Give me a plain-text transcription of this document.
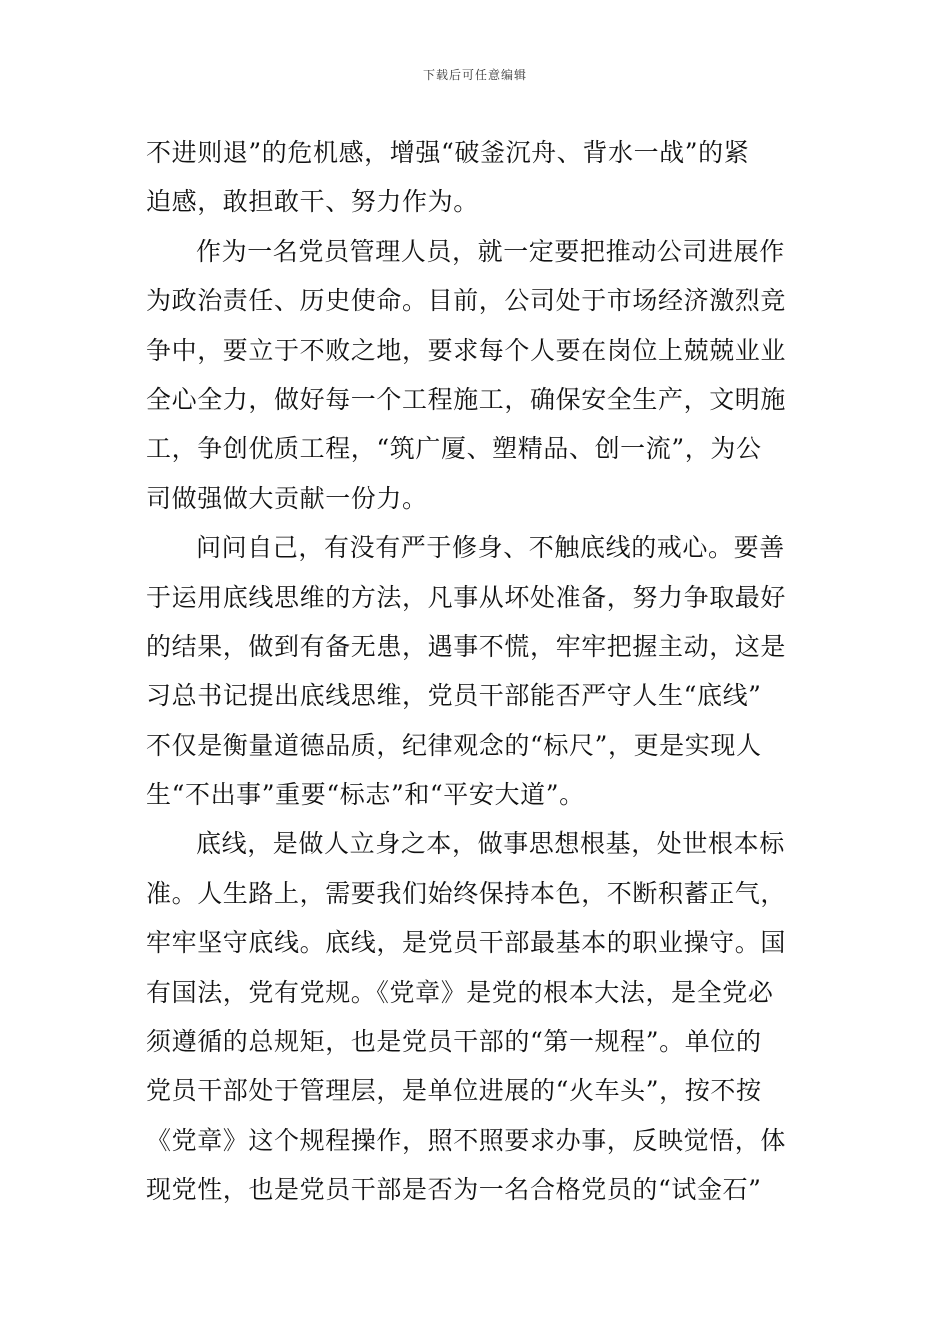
下载后可任意编辑
不进则退”的危机感，增强“破釜沉舟、背水一战”的紧
迫感，敢担敢干、努力作为。
作为一名党员管理人员，就一定要把推动公司进展作
为政治责任、历史使命。目前，公司处于市场经济激烈竞
争中，要立于不败之地，要求每个人要在岗位上兢兢业业
全心全力，做好每一个工程施工，确保安全生产，文明施
工，争创优质工程，“筑广厦、塑精品、创一流”，为公
司做强做大贡献一份力。
问问自己，有没有严于修身、不触底线的戒心。要善
于运用底线思维的方法，凡事从坏处准备，努力争取最好
的结果，做到有备无患，遇事不慌，牢牢把握主动，这是
习总书记提出底线思维，党员干部能否严守人生“底线”
不仅是衡量道德品质，纪律观念的“标尺”，更是实现人
生“不出事”重要“标志”和“平安大道”。
底线，是做人立身之本，做事思想根基，处世根本标
准。人生路上，需要我们始终保持本色，不断积蓄正气，
牢牢坚守底线。底线，是党员干部最基本的职业操守。国
有国法，党有党规。《党章》是党的根本大法，是全党必
须遵循的总规矩，也是党员干部的“第一规程”。单位的
党员干部处于管理层，是单位进展的“火车头”，按不按
《党章》这个规程操作，照不照要求办事，反映觉悟，体
现党性，也是党员干部是否为一名合格党员的“试金石”
